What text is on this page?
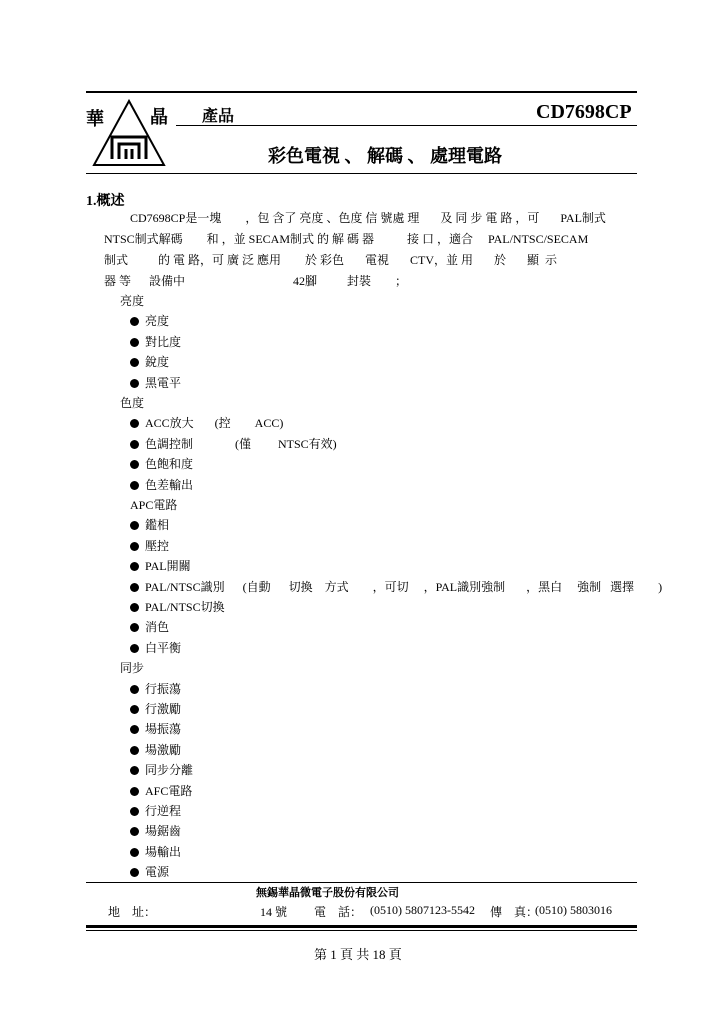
華	晶 產品	CD7698CP
彩色電視 、 解碼 、 處理電路
1.概述
CD7698CP是一塊        ，包 含了 亮度 、色度 信 號處 理       及 同 步 電 路 ，可       PAL制式
NTSC制式解碼        和 ，並 SECAM制式 的 解 碼 器           接 口 ，適合     PAL/NTSC/SECAM
制式          的 電 路，可 廣 泛 應用        於 彩色       電視       CTV，並 用       於       顯  示
器 等      設備中                                    42腳          封裝        ；
亮度
亮度
對比度
銳度
黑電平
色度
ACC放大       (控        ACC)
色調控制              (僅         NTSC有效)
色飽和度
色差輸出
APC電路
鑑相
壓控
PAL開關
PAL/NTSC識別      (自動      切換    方式        ，可切     ，PAL識別強制       ，黑白     強制   選擇        )
PAL/NTSC切換
消色
白平衡
同步
行振蕩
行激勵
場振蕩
場激勵
同步分離
AFC電路
行逆程
場鋸齒
場輸出
電源
無錫華晶微電子股份有限公司
地    址：	14 號 電    話： (0510) 5807123-5542 傳    真：
(0510) 5803016
第 1 頁 共 18 頁
